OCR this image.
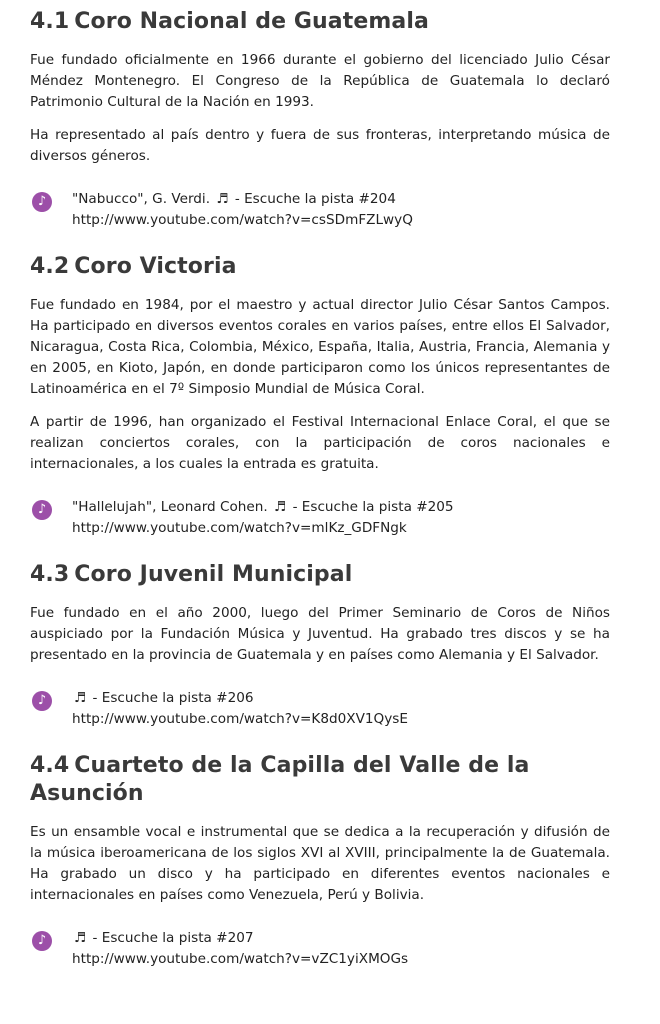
4.1 Coro Nacional de Guatemala

Fue fundado oficialmente en 1966 durante el gobierno del licenciado Julio César Méndez Montenegro. El Congreso de la República de Guatemala lo declaró Patrimonio Cultural de la Nación en 1993.

Ha representado al país dentro y fuera de sus fronteras, interpretando música de diversos géneros.

♪	"Nabucco", G. Verdi. ♬ - Escuche la pista #204
http://www.youtube.com/watch?v=csSDmFZLwyQ
4.2 Coro Victoria

Fue fundado en 1984, por el maestro y actual director Julio César Santos Campos. Ha participado en diversos eventos corales en varios países, entre ellos El Salvador, Nicaragua, Costa Rica, Colombia, México, España, Italia, Austria, Francia, Alemania y en 2005, en Kioto, Japón, en donde participaron como los únicos representantes de Latinoamérica en el 7º Simposio Mundial de Música Coral.

A partir de 1996, han organizado el Festival Internacional Enlace Coral, el que se realizan conciertos corales, con la participación de coros nacionales e internacionales, a los cuales la entrada es gratuita.

♪	"Hallelujah", Leonard Cohen. ♬ - Escuche la pista #205
http://www.youtube.com/watch?v=mlKz_GDFNgk
4.3 Coro Juvenil Municipal

Fue fundado en el año 2000, luego del Primer Seminario de Coros de Niños auspiciado por la Fundación Música y Juventud. Ha grabado tres discos y se ha presentado en la provincia de Guatemala y en países como Alemania y El Salvador.

♪	♬ - Escuche la pista #206
http://www.youtube.com/watch?v=K8d0XV1QysE
4.4 Cuarteto de la Capilla del Valle de la Asunción

Es un ensamble vocal e instrumental que se dedica a la recuperación y difusión de la música iberoamericana de los siglos XVI al XVIII, principalmente la de Guatemala. Ha grabado un disco y ha participado en diferentes eventos nacionales e internacionales en países como Venezuela, Perú y Bolivia.

♪	♬ - Escuche la pista #207
http://www.youtube.com/watch?v=vZC1yiXMOGs
